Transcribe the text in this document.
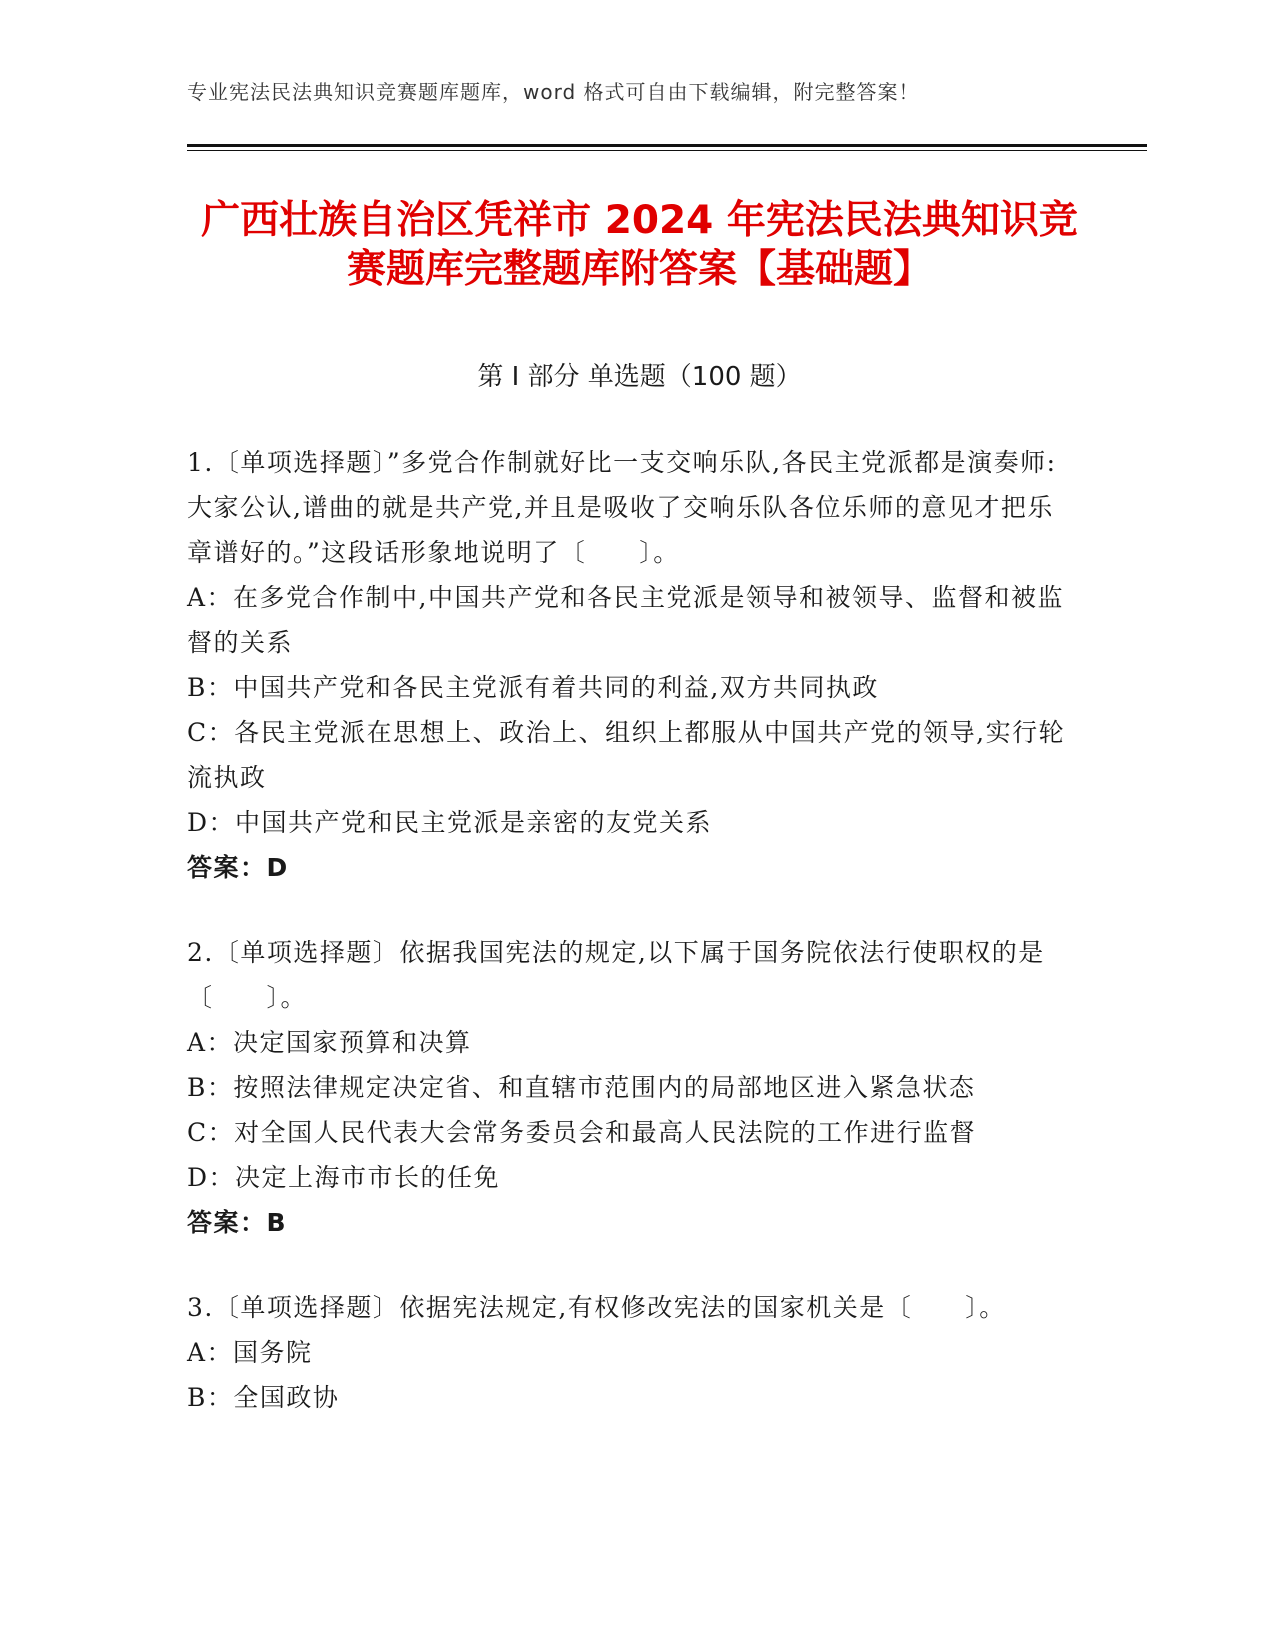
专业宪法民法典知识竞赛题库题库，word 格式可自由下载编辑，附完整答案！
广西壮族自治区凭祥市 2024 年宪法民法典知识竞赛题库完整题库附答案【基础题】
第 I 部分 单选题（100 题）

1.〔单项选择题〕”多党合作制就好比一支交响乐队,各民主党派都是演奏师:大家公认,谱曲的就是共产党,并且是吸收了交响乐队各位乐师的意见才把乐章谱好的。”这段话形象地说明了〔　　〕。

A：在多党合作制中,中国共产党和各民主党派是领导和被领导、监督和被监督的关系

B：中国共产党和各民主党派有着共同的利益,双方共同执政

C：各民主党派在思想上、政治上、组织上都服从中国共产党的领导,实行轮流执政

D：中国共产党和民主党派是亲密的友党关系

答案：D

2.〔单项选择题〕依据我国宪法的规定,以下属于国务院依法行使职权的是〔　　〕。

A：决定国家预算和决算

B：按照法律规定决定省、和直辖市范围内的局部地区进入紧急状态

C：对全国人民代表大会常务委员会和最高人民法院的工作进行监督

D：决定上海市市长的任免

答案：B

3.〔单项选择题〕依据宪法规定,有权修改宪法的国家机关是〔　　〕。

A：国务院

B：全国政协
